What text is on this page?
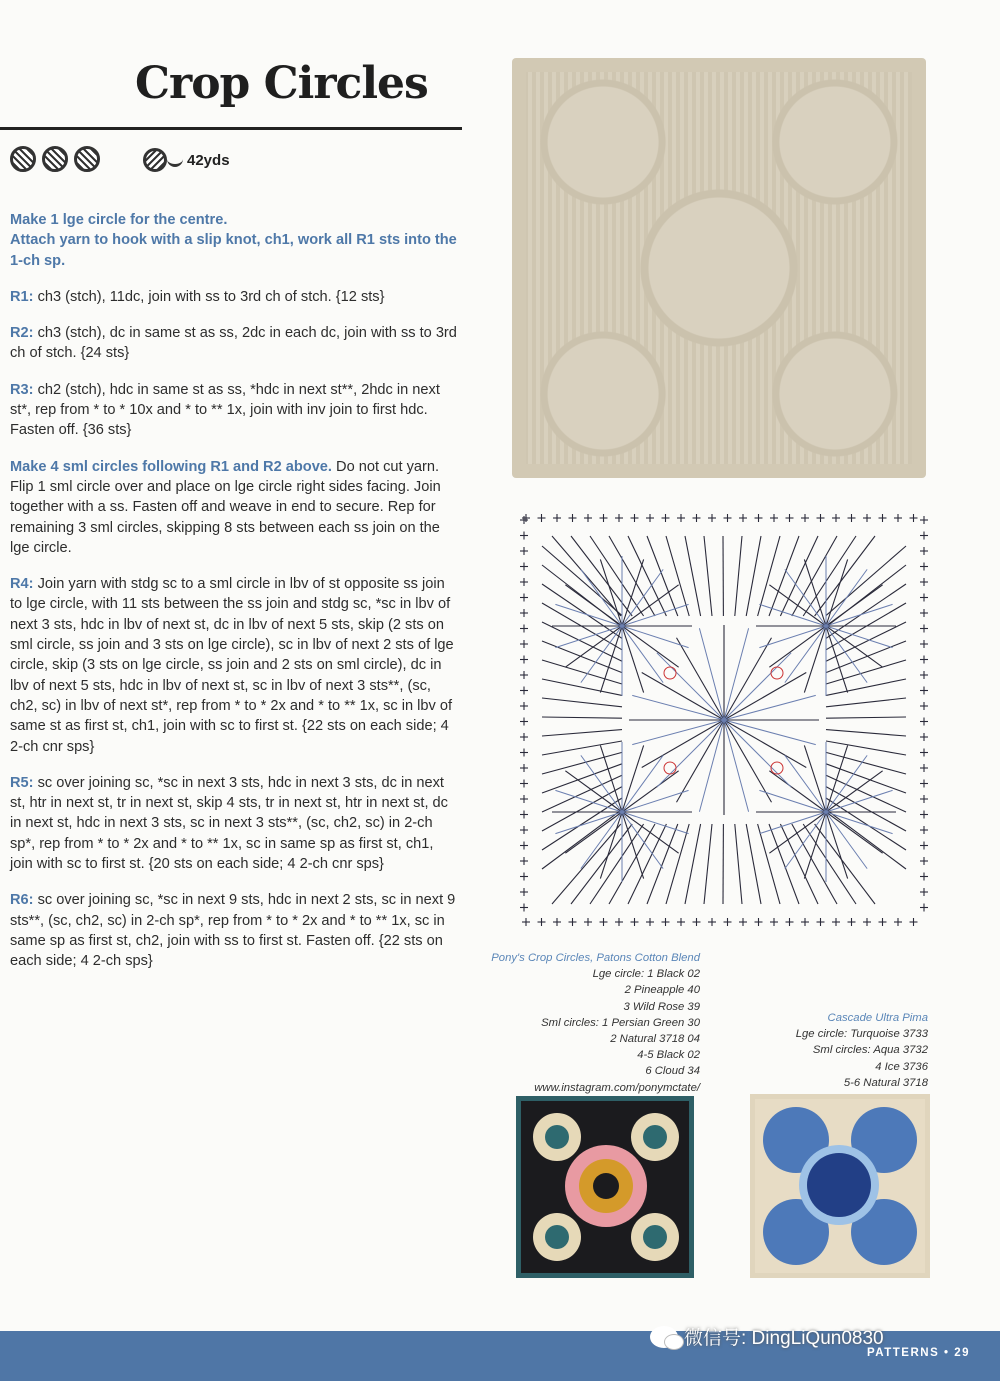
Crop Circles
42yds

Make 1 lge circle for the centre.
Attach yarn to hook with a slip knot, ch1, work all R1 sts into the 1-ch sp.

R1: ch3 (stch), 11dc, join with ss to 3rd ch of stch. {12 sts}

R2: ch3 (stch), dc in same st as ss, 2dc in each dc, join with ss to 3rd ch of stch. {24 sts}

R3: ch2 (stch), hdc in same st as ss, *hdc in next st**, 2hdc in next st*, rep from * to * 10x and * to ** 1x, join with inv join to first hdc. Fasten off. {36 sts}

Make 4 sml circles following R1 and R2 above. Do not cut yarn. Flip 1 sml circle over and place on lge circle right sides facing. Join together with a ss. Fasten off and weave in end to secure. Rep for remaining 3 sml circles, skipping 8 sts between each ss join on the lge circle.

R4: Join yarn with stdg sc to a sml circle in lbv of st opposite ss join to lge circle, with 11 sts between the ss join and stdg sc, *sc in lbv of next 3 sts, hdc in lbv of next st, dc in lbv of next 5 sts, skip (2 sts on sml circle, ss join and 3 sts on lge circle), sc in lbv of next 2 sts of lge circle, skip (3 sts on lge circle, ss join and 2 sts on sml circle), dc in lbv of next 5 sts, hdc in lbv of next st, sc in lbv of next 3 sts**, (sc, ch2, sc) in lbv of next st*, rep from * to * 2x and * to ** 1x, sc in lbv of same st as first st, ch1, join with sc to first st. {22 sts on each side; 4 2-ch cnr sps}

R5: sc over joining sc, *sc in next 3 sts, hdc in next 3 sts, dc in next st, htr in next st, tr in next st, skip 4 sts, tr in next st, htr in next st, dc in next st, hdc in next 3 sts, sc in next 3 sts**, (sc, ch2, sc) in 2-ch sp*, rep from * to * 2x and * to ** 1x, sc in same sp as first st, ch1, join with sc to first st. {20 sts on each side; 4 2-ch cnr sps}

R6: sc over joining sc, *sc in next 9 sts, hdc in next 2 sts, sc in next 9 sts**, (sc, ch2, sc) in 2-ch sp*, rep from * to * 2x and * to ** 1x, sc in same sp as first st, ch2, join with ss to first st. Fasten off. {22 sts on each side; 4 2-ch sps}	Pony's Crop Circles, Patons Cotton Blend
Lge circle: 1 Black 02
2 Pineapple 40
3 Wild Rose 39
Sml circles: 1 Persian Green 30
2 Natural 3718 04
4-5 Black 02
6 Cloud 34
www.instagram.com/ponymctate/
Cascade Ultra Pima
Lge circle: Turquoise 3733
Sml circles: Aqua 3732
4 Ice 3736
5-6 Natural 3718
PATTERNS • 29
微信号: DingLiQun0830
